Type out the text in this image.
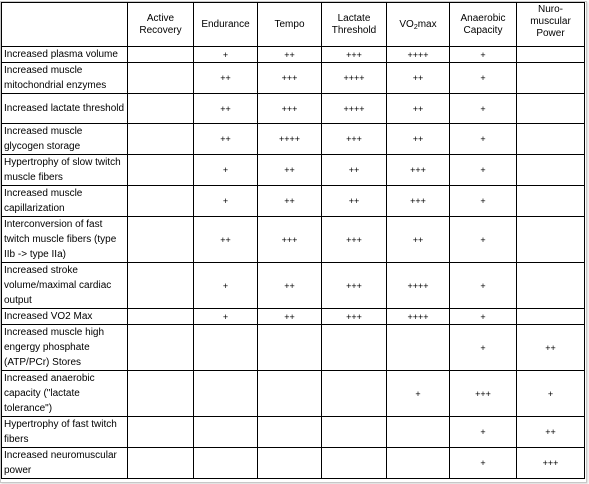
	Active Recovery	Endurance	Tempo	Lactate Threshold	$VO_2\max$	Anaerobic Capacity	Nuro-muscular Power
Increased plasma volume		+	++	+++	++++	+	
Increased muscle mitochondrial enzymes		++	+++	++++	++	+	
Increased lactate threshold		++	+++	++++	++	+	
Increased muscle glycogen storage		++	++++	+++	++	+	
Hypertrophy of slow twitch muscle fibers		+	++	++	+++	+	
Increased muscle capillarization		+	++	++	+++	+	
Interconversion of fast twitch muscle fibers (type IIb -> type IIa)		++	+++	+++	++	+	
Increased stroke volume/maximal cardiac output		+	++	+++	++++	+	
Increased VO2 Max		+	++	+++	++++	+	
Increased muscle high engergy phosphate (ATP/PCr) Stores						+	++
Increased anaerobic capacity ("lactate tolerance")					+	+++	+
Hypertrophy of fast twitch fibers						+	++
Increased neuromuscular power						+	+++
